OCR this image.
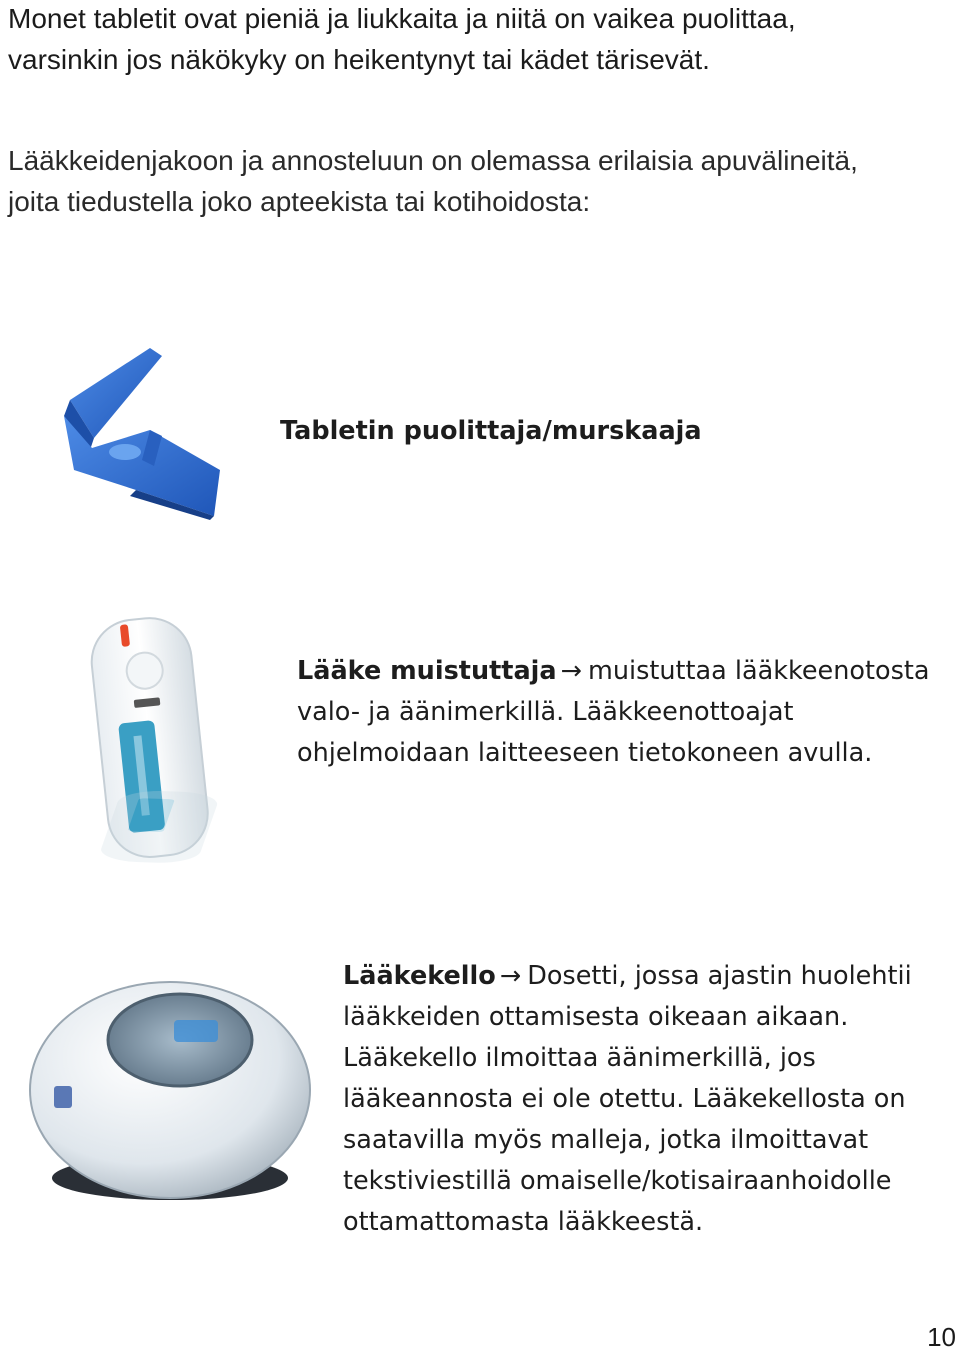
Monet tabletit ovat pieniä ja liukkaita ja niitä on vaikea puolittaa,
varsinkin jos näkökyky on heikentynyt tai kädet tärisevät.

Lääkkeidenjakoon ja annosteluun on olemassa erilaisia apuvälineitä,
joita tiedustella joko apteekista tai kotihoidosta:

Tabletin puolittaja/murskaaja

Lääke muistuttaja → muistuttaa lääkkeenotosta
valo- ja äänimerkillä. Lääkkeenottoajat
ohjelmoidaan laitteeseen tietokoneen avulla.

Lääkekello → Dosetti, jossa ajastin huolehtii
lääkkeiden ottamisesta oikeaan aikaan.
Lääkekello ilmoittaa äänimerkillä, jos
lääkeannosta ei ole otettu. Lääkekellosta on
saatavilla myös malleja, jotka ilmoittavat
tekstiviestillä omaiselle/kotisairaanhoidolle
ottamattomasta lääkkeestä.

10
